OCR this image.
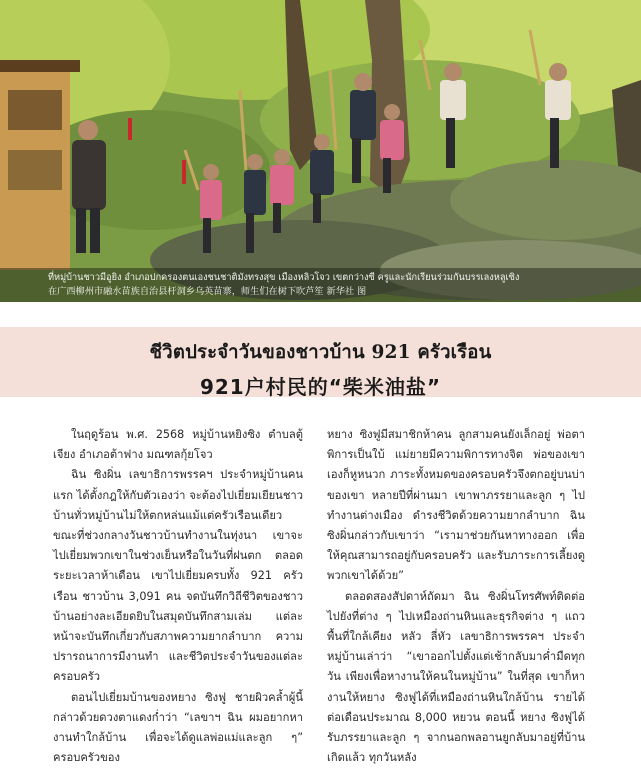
ที่หมู่บ้านชาวมีอูยิง อำเภอปกครองตนเองชนชาติมังทรงสุข เมืองหลิวโจว เขตกว่างซี ครูและนักเรียนร่วมกันบรรเลงหลูเซิง
在广西柳州市融水苗族自治县杆洞乡乌英苗寨，师生们在树下吹芦笙 新华社 图
ชีวิตประจำวันของชาวบ้าน 921 ครัวเรือน
921户村民的“柴米油盐”

ในฤดูร้อน พ.ศ. 2568 หมู่บ้านหยิงซิง ตำบลตู้เจียง อำเภอต้าฟาง มณฑลกุ้ยโจว

ฉิน ซิงผิ่น เลขาธิการพรรคฯ ประจำหมู่บ้านคนแรก ได้ตั้งกฎให้กับตัวเองว่า จะต้องไปเยี่ยมเยียนชาวบ้านทั่วหมู่บ้านไม่ให้ตกหล่นแม้แต่ครัวเรือนเดียว ขณะที่ช่วงกลางวันชาวบ้านทำงานในทุ่งนา เขาจะไปเยี่ยมพวกเขาในช่วงเย็นหรือในวันที่ฝนตก ตลอดระยะเวลาห้าเดือน เขาไปเยี่ยมครบทั้ง 921 ครัวเรือน ชาวบ้าน 3,091 คน จดบันทึกวิถีชีวิตของชาวบ้านอย่างละเอียดยิบในสมุดบันทึกสามเล่ม แต่ละหน้าจะบันทึกเกี่ยวกับสภาพความยากลำบาก ความปรารถนาการมีงานทำ และชีวิตประจำวันของแต่ละครอบครัว

ตอนไปเยี่ยมบ้านของหยาง ซิงฟู ชายผิวคล้ำผู้นี้กล่าวด้วยดวงตาแดงก่ำว่า “เลขาฯ ฉิน ผมอยากหางานทำใกล้บ้าน เพื่อจะได้ดูแลพ่อแม่และลูก ๆ” ครอบครัวของ

หยาง ซิงฟูมีสมาชิกห้าคน ลูกสามคนยังเล็กอยู่ พ่อตาพิการเป็นใบ้ แม่ยายมีความพิการทางจิต พ่อของเขาเองก็หูหนวก ภาระทั้งหมดของครอบครัวจึงตกอยู่บนบ่าของเขา หลายปีที่ผ่านมา เขาพาภรรยาและลูก ๆ ไปทำงานต่างเมือง ดำรงชีวิตด้วยความยากลำบาก ฉิน ซิงผิ่นกล่าวกับเขาว่า “เรามาช่วยกันหาทางออก เพื่อให้คุณสามารถอยู่กับครอบครัว และรับภาระการเลี้ยงดูพวกเขาได้ด้วย”

ตลอดสองสัปดาห์ถัดมา ฉิน ซิงผิ่นโทรศัพท์ติดต่อไปยังที่ต่าง ๆ ไปเหมืองถ่านหินและธุรกิจต่าง ๆ แถวพื้นที่ใกล้เคียง หลัว ลี่หัว เลขาธิการพรรคฯ ประจำหมู่บ้านเล่าว่า “เขาออกไปตั้งแต่เช้ากลับมาค่ำมืดทุกวัน เพียงเพื่อหางานให้คนในหมู่บ้าน” ในที่สุด เขาก็หางานให้หยาง ซิงฟูได้ที่เหมืองถ่านหินใกล้บ้าน รายได้ต่อเดือนประมาณ 8,000 หยวน ตอนนี้ หยาง ซิงฟูได้รับภรรยาและลูก ๆ จากนอกพลอานยูกลับมาอยู่ที่บ้านเกิดแล้ว ทุกวันหลัง
